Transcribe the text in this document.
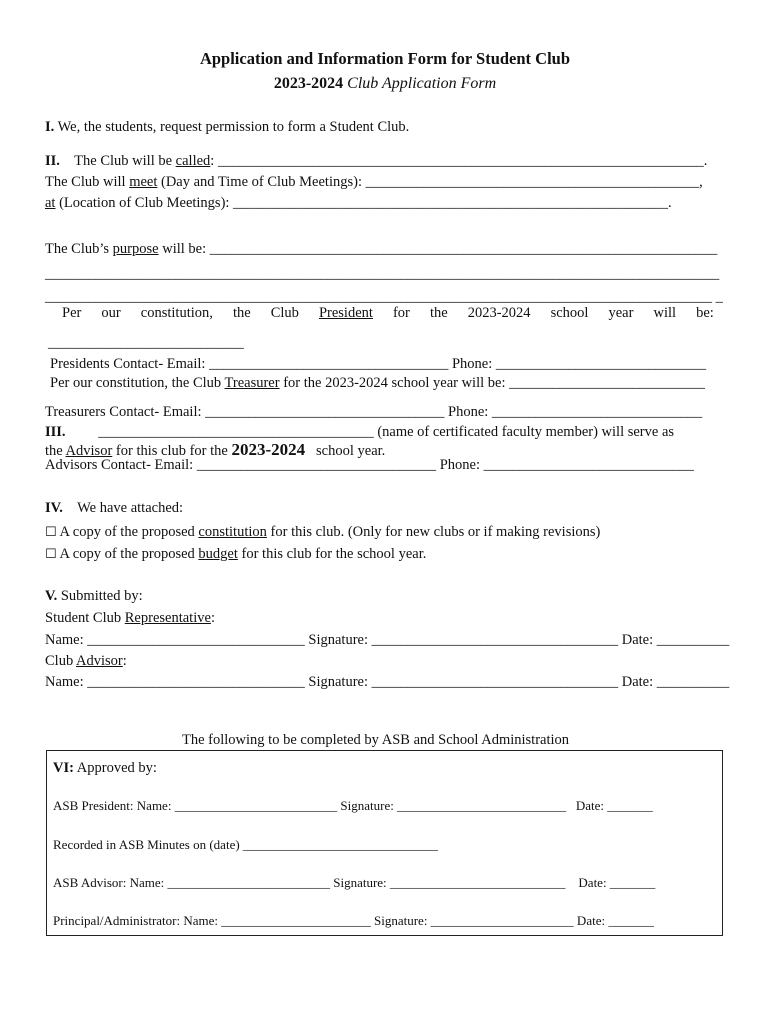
Application and Information Form for Student Club
2023-2024 Club Application Form
I. We, the students, request permission to form a Student Club.
II. The Club will be called: ___________________________________________________________________.
The Club will meet (Day and Time of Club Meetings): ______________________________________________,
at (Location of Club Meetings): ____________________________________________________________.
The Club’s purpose will be: ______________________________________________________________________
_____________________________________________________________________________________________
____________________________________________________________________________________________ _
Per our constitution, the Club President for the 2023-2024 school year will be:
___________________________
Presidents Contact- Email: _________________________________ Phone: _____________________________
Per our constitution, the Club Treasurer for the 2023-2024 school year will be: ___________________________
Treasurers Contact- Email: _________________________________ Phone: _____________________________
III. ______________________________________ (name of certificated faculty member) will serve as
the Advisor for this club for the 2023-2024   school year.
Advisors Contact- Email: _________________________________ Phone: _____________________________
IV. We have attached:
☐ A copy of the proposed constitution for this club. (Only for new clubs or if making revisions)
☐ A copy of the proposed budget for this club for the school year.
V. Submitted by:
Student Club Representative:
Name: ______________________________ Signature: __________________________________ Date: __________
Club Advisor:
Name: ______________________________ Signature: __________________________________ Date: __________
The following to be completed by ASB and School Administration
VI: Approved by:
ASB President: Name: _________________________ Signature: __________________________   Date: _______
Recorded in ASB Minutes on (date) ______________________________
ASB Advisor: Name: _________________________ Signature: ___________________________    Date: _______
Principal/Administrator: Name: _______________________ Signature: ______________________ Date: _______
